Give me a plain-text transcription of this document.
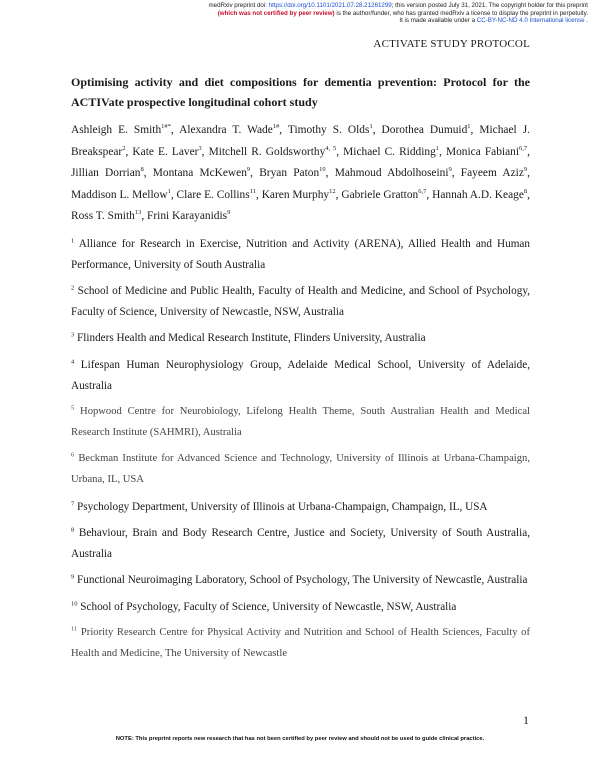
medRxiv preprint doi: https://doi.org/10.1101/2021.07.28.21261299; this version posted July 31, 2021. The copyright holder for this preprint
(which was not certified by peer review) is the author/funder, who has granted medRxiv a license to display the preprint in perpetuity.
It is made available under a CC-BY-NC-ND 4.0 International license .
ACTIVATE STUDY PROTOCOL

Optimising activity and diet compositions for dementia prevention: Protocol for the ACTIVate prospective longitudinal cohort study

Ashleigh E. Smith$^{1\#*}$, Alexandra T. Wade$^{1\#}$, Timothy S. Olds$^1$, Dorothea Dumuid$^1$, Michael J. Breakspear$^2$, Kate E. Laver$^3$, Mitchell R. Goldsworthy$^{4, 5}$, Michael C. Ridding$^1$, Monica Fabiani$^{6,7}$, Jillian Dorrian$^8$, Montana McKewen$^9$, Bryan Paton$^{10}$, Mahmoud Abdolhoseini$^9$, Fayeem Aziz$^9$, Maddison L. Mellow$^1$, Clare E. Collins$^{11}$, Karen Murphy$^{12}$, Gabriele Gratton$^{6,7}$, Hannah A.D. Keage$^8$, Ross T. Smith$^{13}$, Frini Karayanidis$^9$

$^1$ Alliance for Research in Exercise, Nutrition and Activity (ARENA), Allied Health and Human Performance, University of South Australia

$^2$ School of Medicine and Public Health, Faculty of Health and Medicine, and School of Psychology, Faculty of Science, University of Newcastle, NSW, Australia

$^3$ Flinders Health and Medical Research Institute, Flinders University, Australia

$^4$ Lifespan Human Neurophysiology Group, Adelaide Medical School, University of Adelaide, Australia

$^5$ Hopwood Centre for Neurobiology, Lifelong Health Theme, South Australian Health and Medical Research Institute (SAHMRI), Australia

$^6$ Beckman Institute for Advanced Science and Technology, University of Illinois at Urbana-Champaign, Urbana, IL, USA

$^7$ Psychology Department, University of Illinois at Urbana-Champaign, Champaign, IL, USA

$^8$ Behaviour, Brain and Body Research Centre, Justice and Society, University of South Australia, Australia

$^9$ Functional Neuroimaging Laboratory, School of Psychology, The University of Newcastle, Australia

$^{10}$ School of Psychology, Faculty of Science, University of Newcastle, NSW, Australia

$^{11}$ Priority Research Centre for Physical Activity and Nutrition and School of Health Sciences, Faculty of Health and Medicine, The University of Newcastle

1
NOTE: This preprint reports new research that has not been certified by peer review and should not be used to guide clinical practice.
